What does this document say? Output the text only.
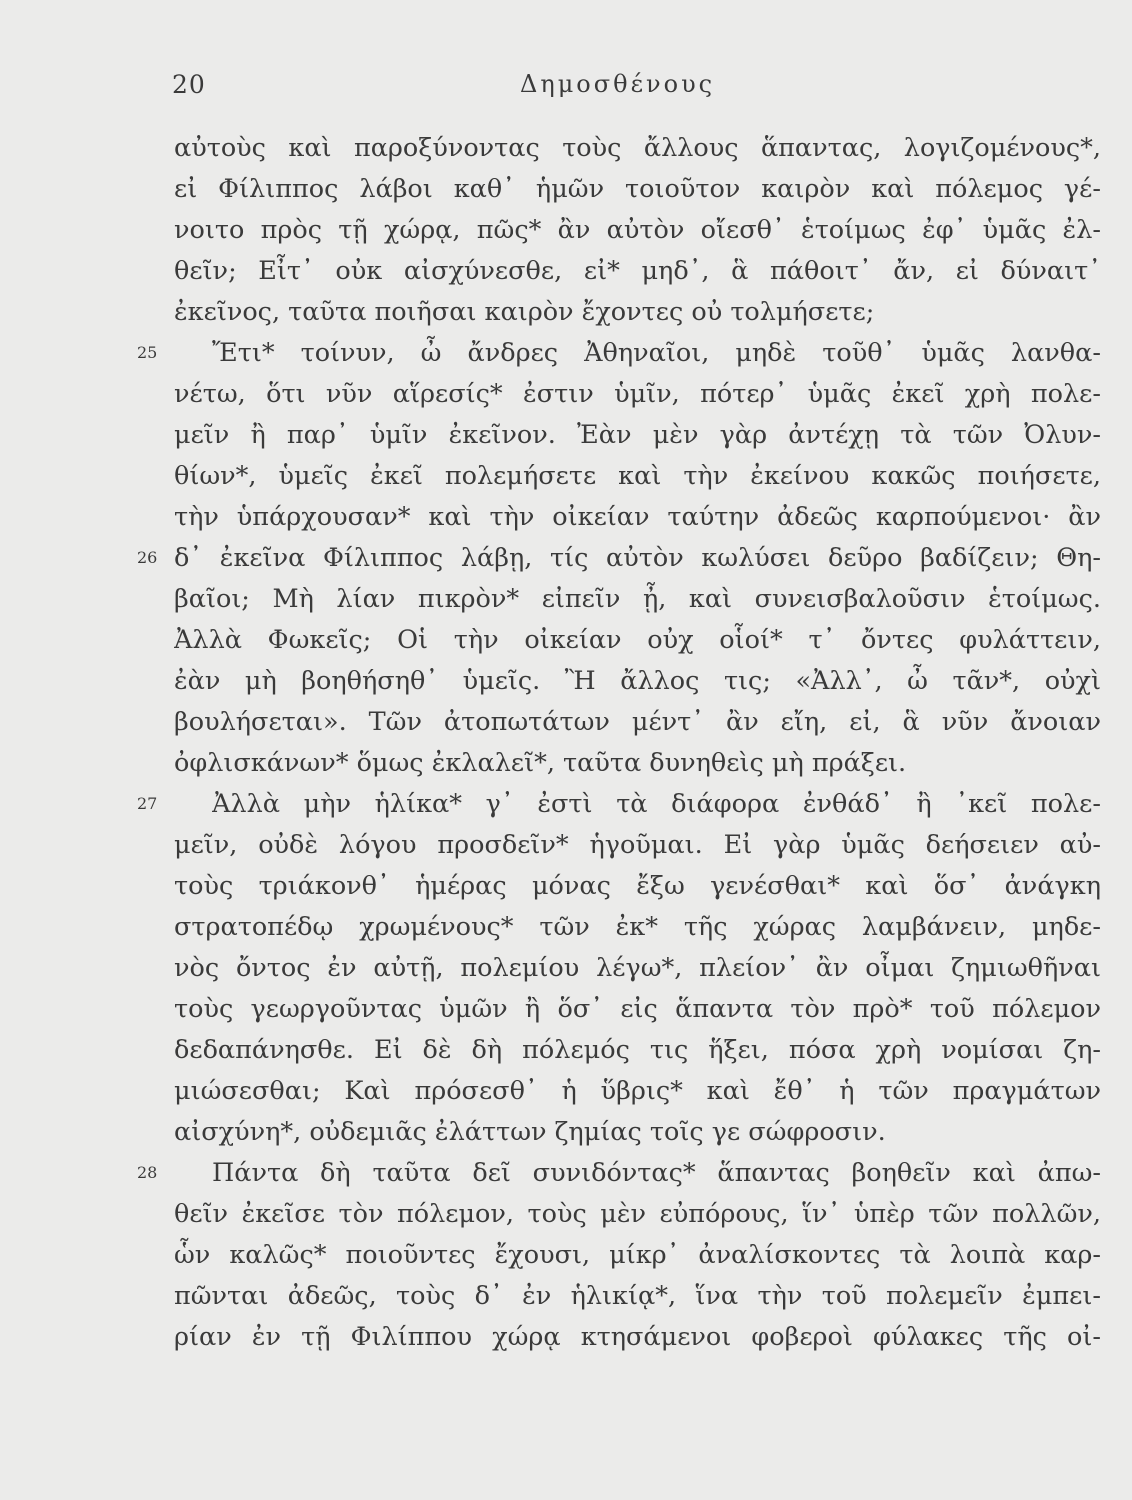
20	Δημοσθένους
αὐτοὺς καὶ παροξύνοντας τοὺς ἄλλους ἅπαντας, λογιζομένους*,
εἰ Φίλιππος λάβοι καθ᾽ ἡμῶν τοιοῦτον καιρὸν καὶ πόλεμος γέ-
νοιτο πρὸς τῇ χώρᾳ, πῶς* ἂν αὐτὸν οἴεσθ᾽ ἑτοίμως ἐφ᾽ ὑμᾶς ἐλ-
θεῖν; Εἶτ᾽ οὐκ αἰσχύνεσθε, εἰ* μηδ᾽, ἃ πάθοιτ᾽ ἄν, εἰ δύναιτ᾽
ἐκεῖνος, ταῦτα ποιῆσαι καιρὸν ἔχοντες οὐ τολμήσετε;
25 Ἔτι* τοίνυν, ὦ ἄνδρες Ἀθηναῖοι, μηδὲ τοῦθ᾽ ὑμᾶς λανθα-
νέτω, ὅτι νῦν αἵρεσίς* ἐστιν ὑμῖν, πότερ᾽ ὑμᾶς ἐκεῖ χρὴ πολε-
μεῖν ἢ παρ᾽ ὑμῖν ἐκεῖνον. Ἐὰν μὲν γὰρ ἀντέχῃ τὰ τῶν Ὀλυν-
θίων*, ὑμεῖς ἐκεῖ πολεμήσετε καὶ τὴν ἐκείνου κακῶς ποιήσετε,
τὴν ὑπάρχουσαν* καὶ τὴν οἰκείαν ταύτην ἀδεῶς καρπούμενοι· ἂν
26 δ᾽ ἐκεῖνα Φίλιππος λάβῃ, τίς αὐτὸν κωλύσει δεῦρο βαδίζειν; Θη-
βαῖοι; Μὴ λίαν πικρὸν* εἰπεῖν ᾖ, καὶ συνεισβαλοῦσιν ἑτοίμως.
Ἀλλὰ Φωκεῖς; Οἱ τὴν οἰκείαν οὐχ οἷοί* τ᾽ ὄντες φυλάττειν,
ἐὰν μὴ βοηθήσηθ᾽ ὑμεῖς. Ἢ ἄλλος τις; «Ἀλλ᾽, ὦ τᾶν*, οὐχὶ
βουλήσεται». Τῶν ἀτοπωτάτων μέντ᾽ ἂν εἴη, εἰ, ἃ νῦν ἄνοιαν
ὀφλισκάνων* ὅμως ἐκλαλεῖ*, ταῦτα δυνηθεὶς μὴ πράξει.
27 Ἀλλὰ μὴν ἡλίκα* γ᾽ ἐστὶ τὰ διάφορα ἐνθάδ᾽ ἢ ᾽κεῖ πολε-
μεῖν, οὐδὲ λόγου προσδεῖν* ἡγοῦμαι. Εἰ γὰρ ὑμᾶς δεήσειεν αὐ-
τοὺς τριάκονθ᾽ ἡμέρας μόνας ἔξω γενέσθαι* καὶ ὅσ᾽ ἀνάγκη
στρατοπέδῳ χρωμένους* τῶν ἐκ* τῆς χώρας λαμβάνειν, μηδε-
νὸς ὄντος ἐν αὐτῇ, πολεμίου λέγω*, πλείον᾽ ἂν οἶμαι ζημιωθῆναι
τοὺς γεωργοῦντας ὑμῶν ἢ ὅσ᾽ εἰς ἅπαντα τὸν πρὸ* τοῦ πόλεμον
δεδαπάνησθε. Εἰ δὲ δὴ πόλεμός τις ἥξει, πόσα χρὴ νομίσαι ζη-
μιώσεσθαι; Καὶ πρόσεσθ᾽ ἡ ὕβρις* καὶ ἔθ᾽ ἡ τῶν πραγμάτων
αἰσχύνη*, οὐδεμιᾶς ἐλάττων ζημίας τοῖς γε σώφροσιν.
28 Πάντα δὴ ταῦτα δεῖ συνιδόντας* ἅπαντας βοηθεῖν καὶ ἀπω-
θεῖν ἐκεῖσε τὸν πόλεμον, τοὺς μὲν εὐπόρους, ἵν᾽ ὑπὲρ τῶν πολλῶν,
ὧν καλῶς* ποιοῦντες ἔχουσι, μίκρ᾽ ἀναλίσκοντες τὰ λοιπὰ καρ-
πῶνται ἀδεῶς, τοὺς δ᾽ ἐν ἡλικίᾳ*, ἵνα τὴν τοῦ πολεμεῖν ἐμπει-
ρίαν ἐν τῇ Φιλίππου χώρᾳ κτησάμενοι φοβεροὶ φύλακες τῆς οἰ-
